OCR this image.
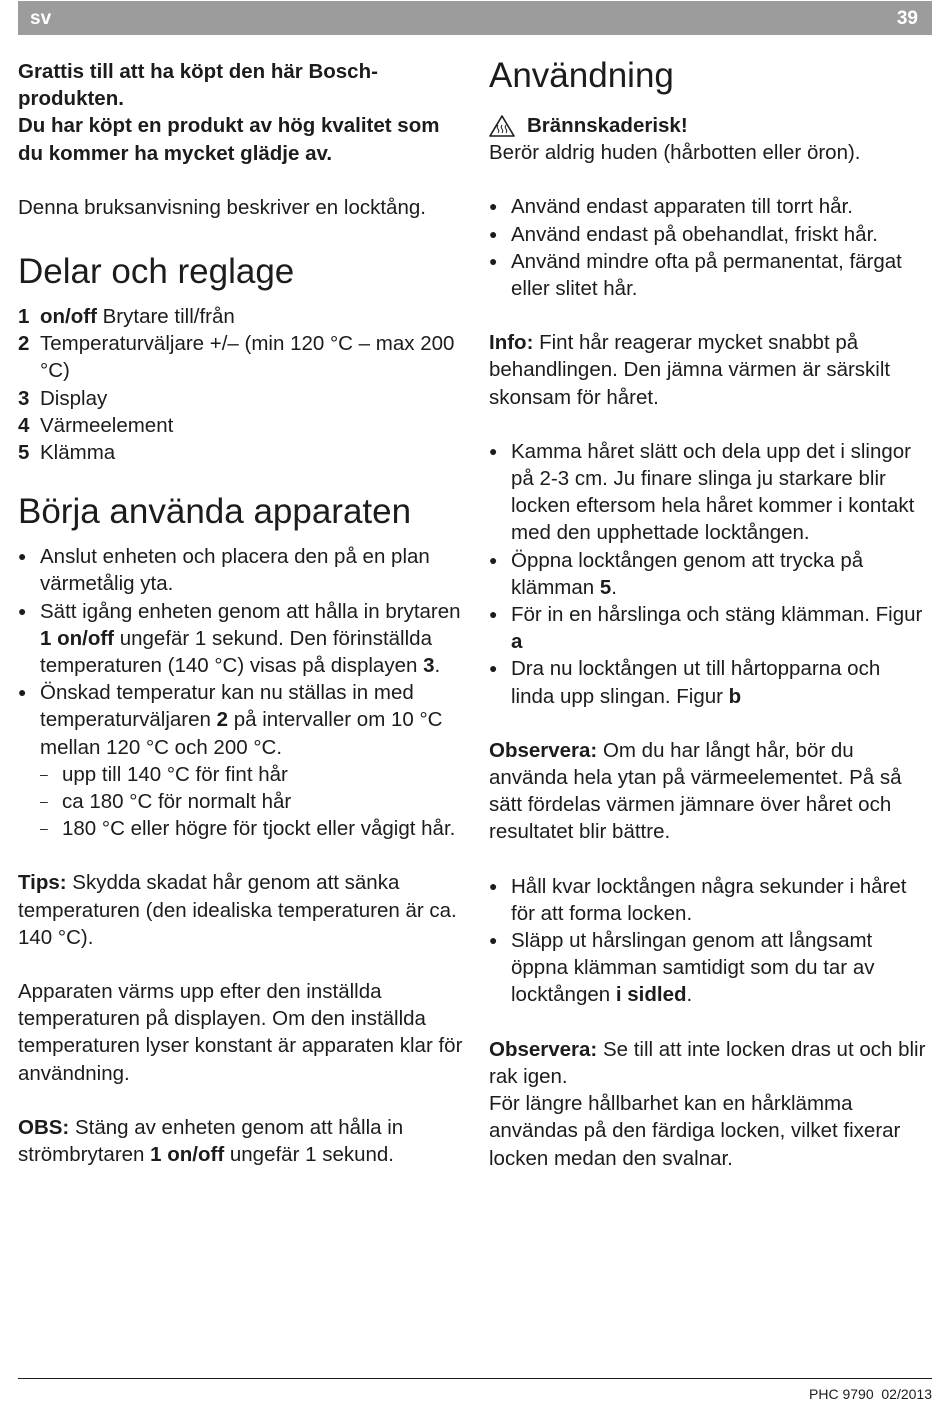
sv	39

Grattis till att ha köpt den här Bosch-produkten.

Du har köpt en produkt av hög kvalitet som du kommer ha mycket glädje av.

Denna bruksanvisning beskriver en locktång.

Delar och reglage
1 on/off Brytare till/från
2 Temperaturväljare +/– (min 120 °C – max 200 °C)
3 Display
4 Värmeelement
5 Klämma
Börja använda apparaten
● Anslut enheten och placera den på en plan värmetålig yta.
● Sätt igång enheten genom att hålla in brytaren 1 on/off ungefär 1 sekund. Den förinställda temperaturen (140 °C) visas på displayen 3.
● Önskad temperatur kan nu ställas in med temperaturväljaren 2 på intervaller om 10 °C mellan 120 °C och 200 °C.
– upp till 140 °C för fint hår
– ca 180 °C för normalt hår
– 180 °C eller högre för tjockt eller vågigt hår.

Tips: Skydda skadat hår genom att sänka temperaturen (den idealiska temperaturen är ca. 140 °C).

Apparaten värms upp efter den inställda temperaturen på displayen. Om den inställda temperaturen lyser konstant är apparaten klar för användning.

OBS: Stäng av enheten genom att hålla in strömbrytaren 1 on/off ungefär 1 sekund.

Användning
Brännskaderisk!

Berör aldrig huden (hårbotten eller öron).

● Använd endast apparaten till torrt hår.
● Använd endast på obehandlat, friskt hår.
● Använd mindre ofta på permanentat, färgat eller slitet hår.

Info: Fint hår reagerar mycket snabbt på behandlingen. Den jämna värmen är särskilt skonsam för håret.

● Kamma håret slätt och dela upp det i slingor på 2-3 cm. Ju finare slinga ju starkare blir locken eftersom hela håret kommer i kontakt med den upphettade locktången.
● Öppna locktången genom att trycka på klämman 5.
● För in en hårslinga och stäng klämman. Figur a
● Dra nu locktången ut till hårtopparna och linda upp slingan. Figur b

Observera: Om du har långt hår, bör du använda hela ytan på värmeelementet. På så sätt fördelas värmen jämnare över håret och resultatet blir bättre.

● Håll kvar locktången några sekunder i håret för att forma locken.
● Släpp ut hårslingan genom att långsamt öppna klämman samtidigt som du tar av locktången i sidled.

Observera: Se till att inte locken dras ut och blir rak igen.

För längre hållbarhet kan en hårklämma användas på den färdiga locken, vilket fixerar locken medan den svalnar.

PHC 9790 02/2013
